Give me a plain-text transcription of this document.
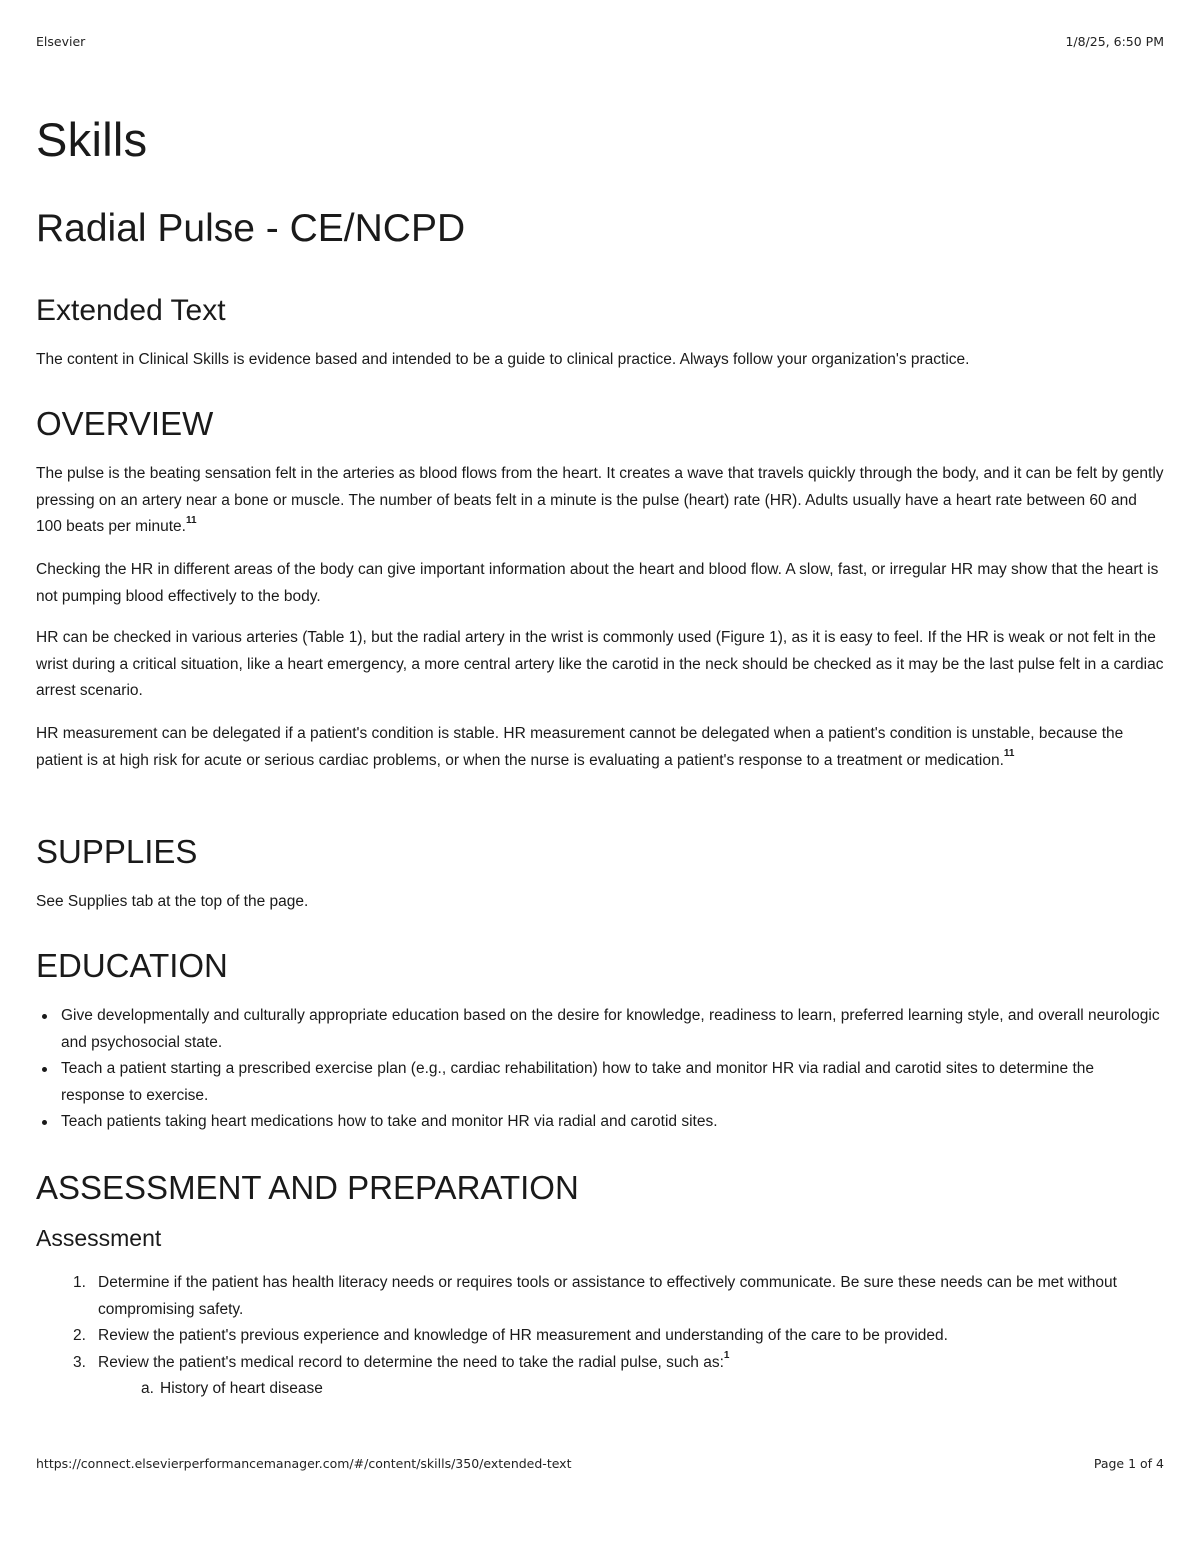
Elsevier	1/8/25, 6:50 PM
Skills
Radial Pulse - CE/NCPD
Extended Text

The content in Clinical Skills is evidence based and intended to be a guide to clinical practice. Always follow your organization's practice.

OVERVIEW

The pulse is the beating sensation felt in the arteries as blood flows from the heart. It creates a wave that travels quickly through the body, and it can be felt by gently pressing on an artery near a bone or muscle. The number of beats felt in a minute is the pulse (heart) rate (HR). Adults usually have a heart rate between 60 and 100 beats per minute.$^{11}$

Checking the HR in different areas of the body can give important information about the heart and blood flow. A slow, fast, or irregular HR may show that the heart is not pumping blood effectively to the body.

HR can be checked in various arteries (Table 1), but the radial artery in the wrist is commonly used (Figure 1), as it is easy to feel. If the HR is weak or not felt in the wrist during a critical situation, like a heart emergency, a more central artery like the carotid in the neck should be checked as it may be the last pulse felt in a cardiac arrest scenario.

HR measurement can be delegated if a patient's condition is stable. HR measurement cannot be delegated when a patient's condition is unstable, because the patient is at high risk for acute or serious cardiac problems, or when the nurse is evaluating a patient's response to a treatment or medication.$^{11}$

SUPPLIES

See Supplies tab at the top of the page.

EDUCATION
Give developmentally and culturally appropriate education based on the desire for knowledge, readiness to learn, preferred learning style, and overall neurologic and psychosocial state.
Teach a patient starting a prescribed exercise plan (e.g., cardiac rehabilitation) how to take and monitor HR via radial and carotid sites to determine the response to exercise.
Teach patients taking heart medications how to take and monitor HR via radial and carotid sites.
ASSESSMENT AND PREPARATION
Assessment
1. Determine if the patient has health literacy needs or requires tools or assistance to effectively communicate. Be sure these needs can be met without compromising safety.
2. Review the patient's previous experience and knowledge of HR measurement and understanding of the care to be provided.
3. Review the patient's medical record to determine the need to take the radial pulse, such as:$^1$
a. History of heart disease
https://connect.elsevierperformancemanager.com/#/content/skills/350/extended-text	Page 1 of 4
